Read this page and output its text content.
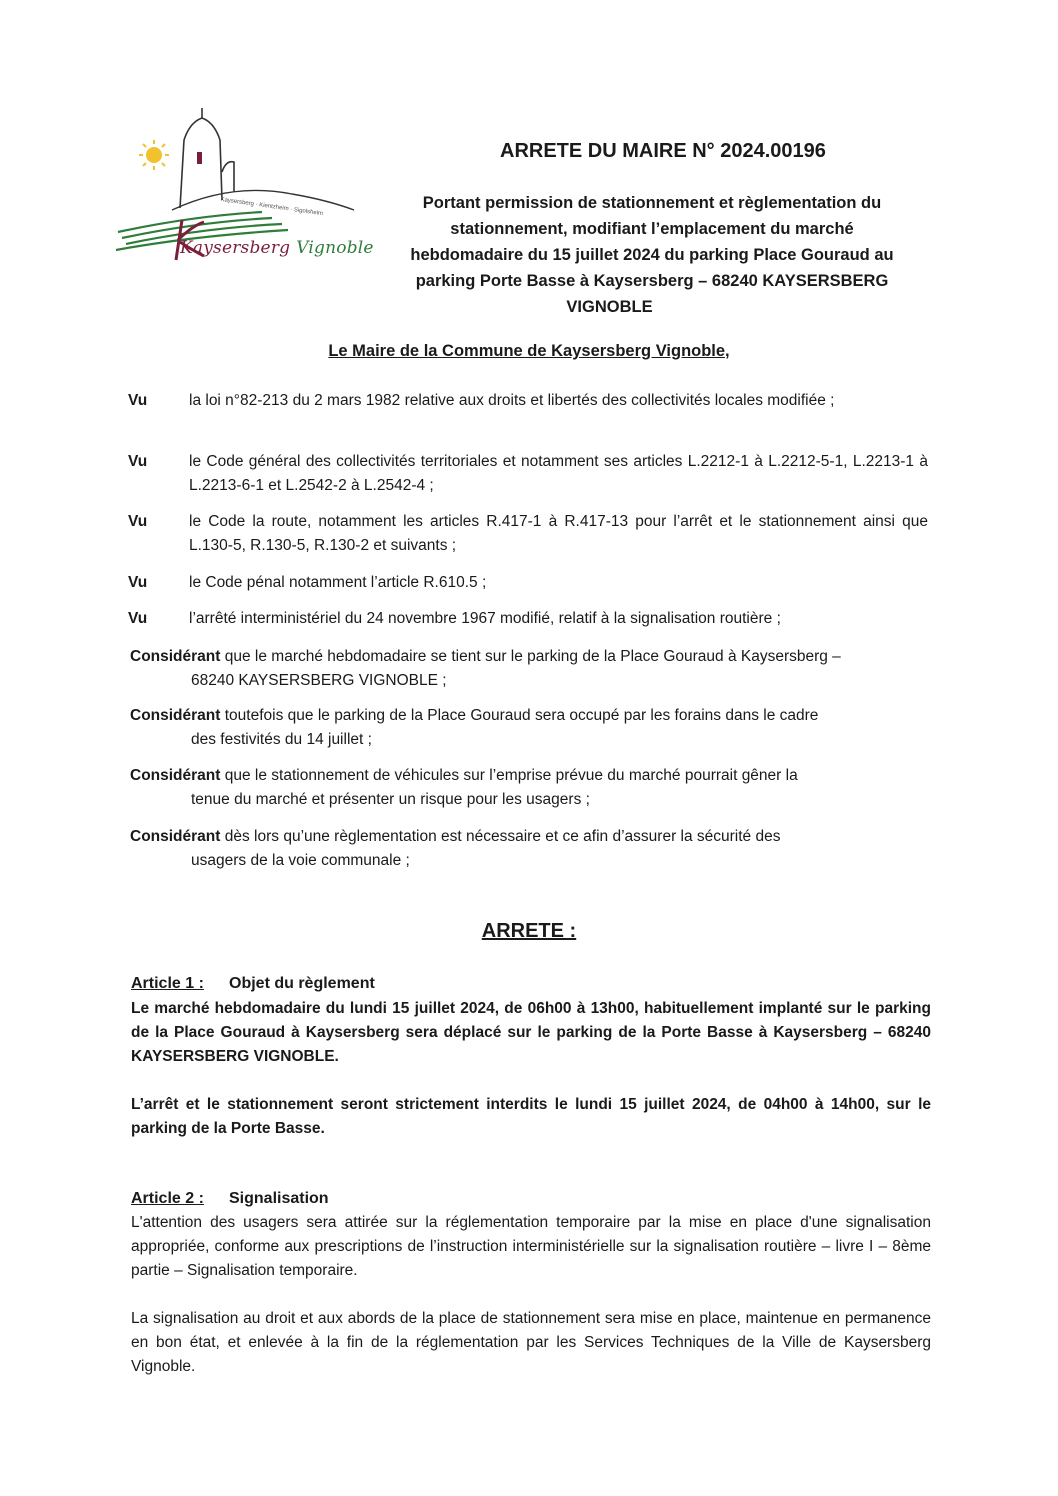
Kaysersberg · Kientzheim · Sigolsheim
Kaysersberg Vignoble
ARRETE DU MAIRE N° 2024.00196
Portant permission de stationnement et règlementation du
stationnement, modifiant l’emplacement du marché
hebdomadaire du 15 juillet 2024 du parking Place Gouraud au
parking Porte Basse à Kaysersberg – 68240 KAYSERSBERG
VIGNOBLE
Le Maire de la Commune de Kaysersberg Vignoble,
Vu	la loi n°82-213 du 2 mars 1982 relative aux droits et libertés des collectivités locales modifiée ;
Vu	le Code général des collectivités territoriales et notamment ses articles L.2212-1 à L.2212-5-1, L.2213-1 à L.2213-6-1 et L.2542-2 à L.2542-4 ;
Vu	le Code la route, notamment les articles R.417-1 à R.417-13 pour l’arrêt et le stationnement ainsi que L.130-5, R.130-5, R.130-2 et suivants ;
Vu	le Code pénal notamment l’article R.610.5 ;
Vu	l’arrêté interministériel du 24 novembre 1967 modifié, relatif à la signalisation routière ;
Considérant que le marché hebdomadaire se tient sur le parking de la Place Gouraud à Kaysersberg –
68240 KAYSERSBERG VIGNOBLE ;
Considérant toutefois que le parking de la Place Gouraud sera occupé par les forains dans le cadre
des festivités du 14 juillet ;
Considérant que le stationnement de véhicules sur l’emprise prévue du marché pourrait gêner la
tenue du marché et présenter un risque pour les usagers ;
Considérant dès lors qu’une règlementation est nécessaire et ce afin d’assurer la sécurité des
usagers de la voie communale ;
ARRETE :
Article 1 : Objet du règlement
Le marché hebdomadaire du lundi 15 juillet 2024, de 06h00 à 13h00, habituellement implanté sur le parking de la Place Gouraud à Kaysersberg sera déplacé sur le parking de la Porte Basse à Kaysersberg – 68240 KAYSERSBERG VIGNOBLE.
L’arrêt et le stationnement seront strictement interdits le lundi 15 juillet 2024, de 04h00 à 14h00, sur le parking de la Porte Basse.
Article 2 : Signalisation
L'attention des usagers sera attirée sur la réglementation temporaire par la mise en place d'une signalisation appropriée, conforme aux prescriptions de l’instruction interministérielle sur la signalisation routière – livre I – 8ème partie – Signalisation temporaire.
La signalisation au droit et aux abords de la place de stationnement sera mise en place, maintenue en permanence en bon état, et enlevée à la fin de la réglementation par les Services Techniques de la Ville de Kaysersberg Vignoble.
